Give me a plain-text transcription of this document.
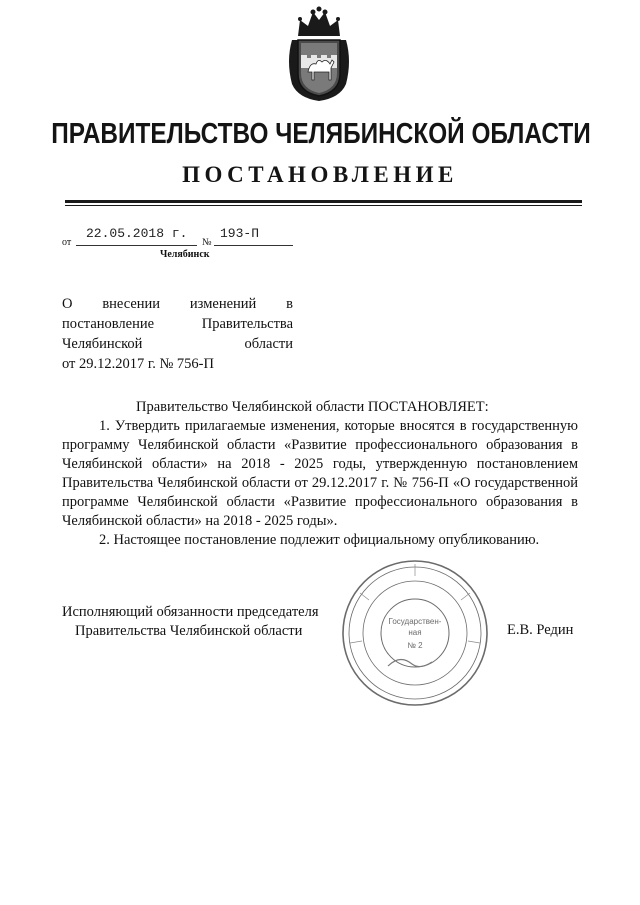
ПРАВИТЕЛЬСТВО ЧЕЛЯБИНСКОЙ ОБЛАСТИ
ПОСТАНОВЛЕНИЕ
от
22.05.2018 г.
№
193-П
Челябинск
О внесении изменений в
постановление Правительства
Челябинской области
от 29.12.2017 г. № 756-П

Правительство Челябинской области ПОСТАНОВЛЯЕТ:

1. Утвердить прилагаемые изменения, которые вносятся в государственную программу Челябинской области «Развитие профессионального образования в Челябинской области» на 2018 - 2025 годы, утвержденную постановлением Правительства Челябинской области от 29.12.2017 г. № 756-П «О государственной программе Челябинской области «Развитие профессионального образования в Челябинской области» на 2018 - 2025 годы».

2. Настоящее постановление подлежит официальному опубликованию.

Государствен-
ная
№ 2
Исполняющий обязанности председателя
Правительства Челябинской области	Е.В. Редин
